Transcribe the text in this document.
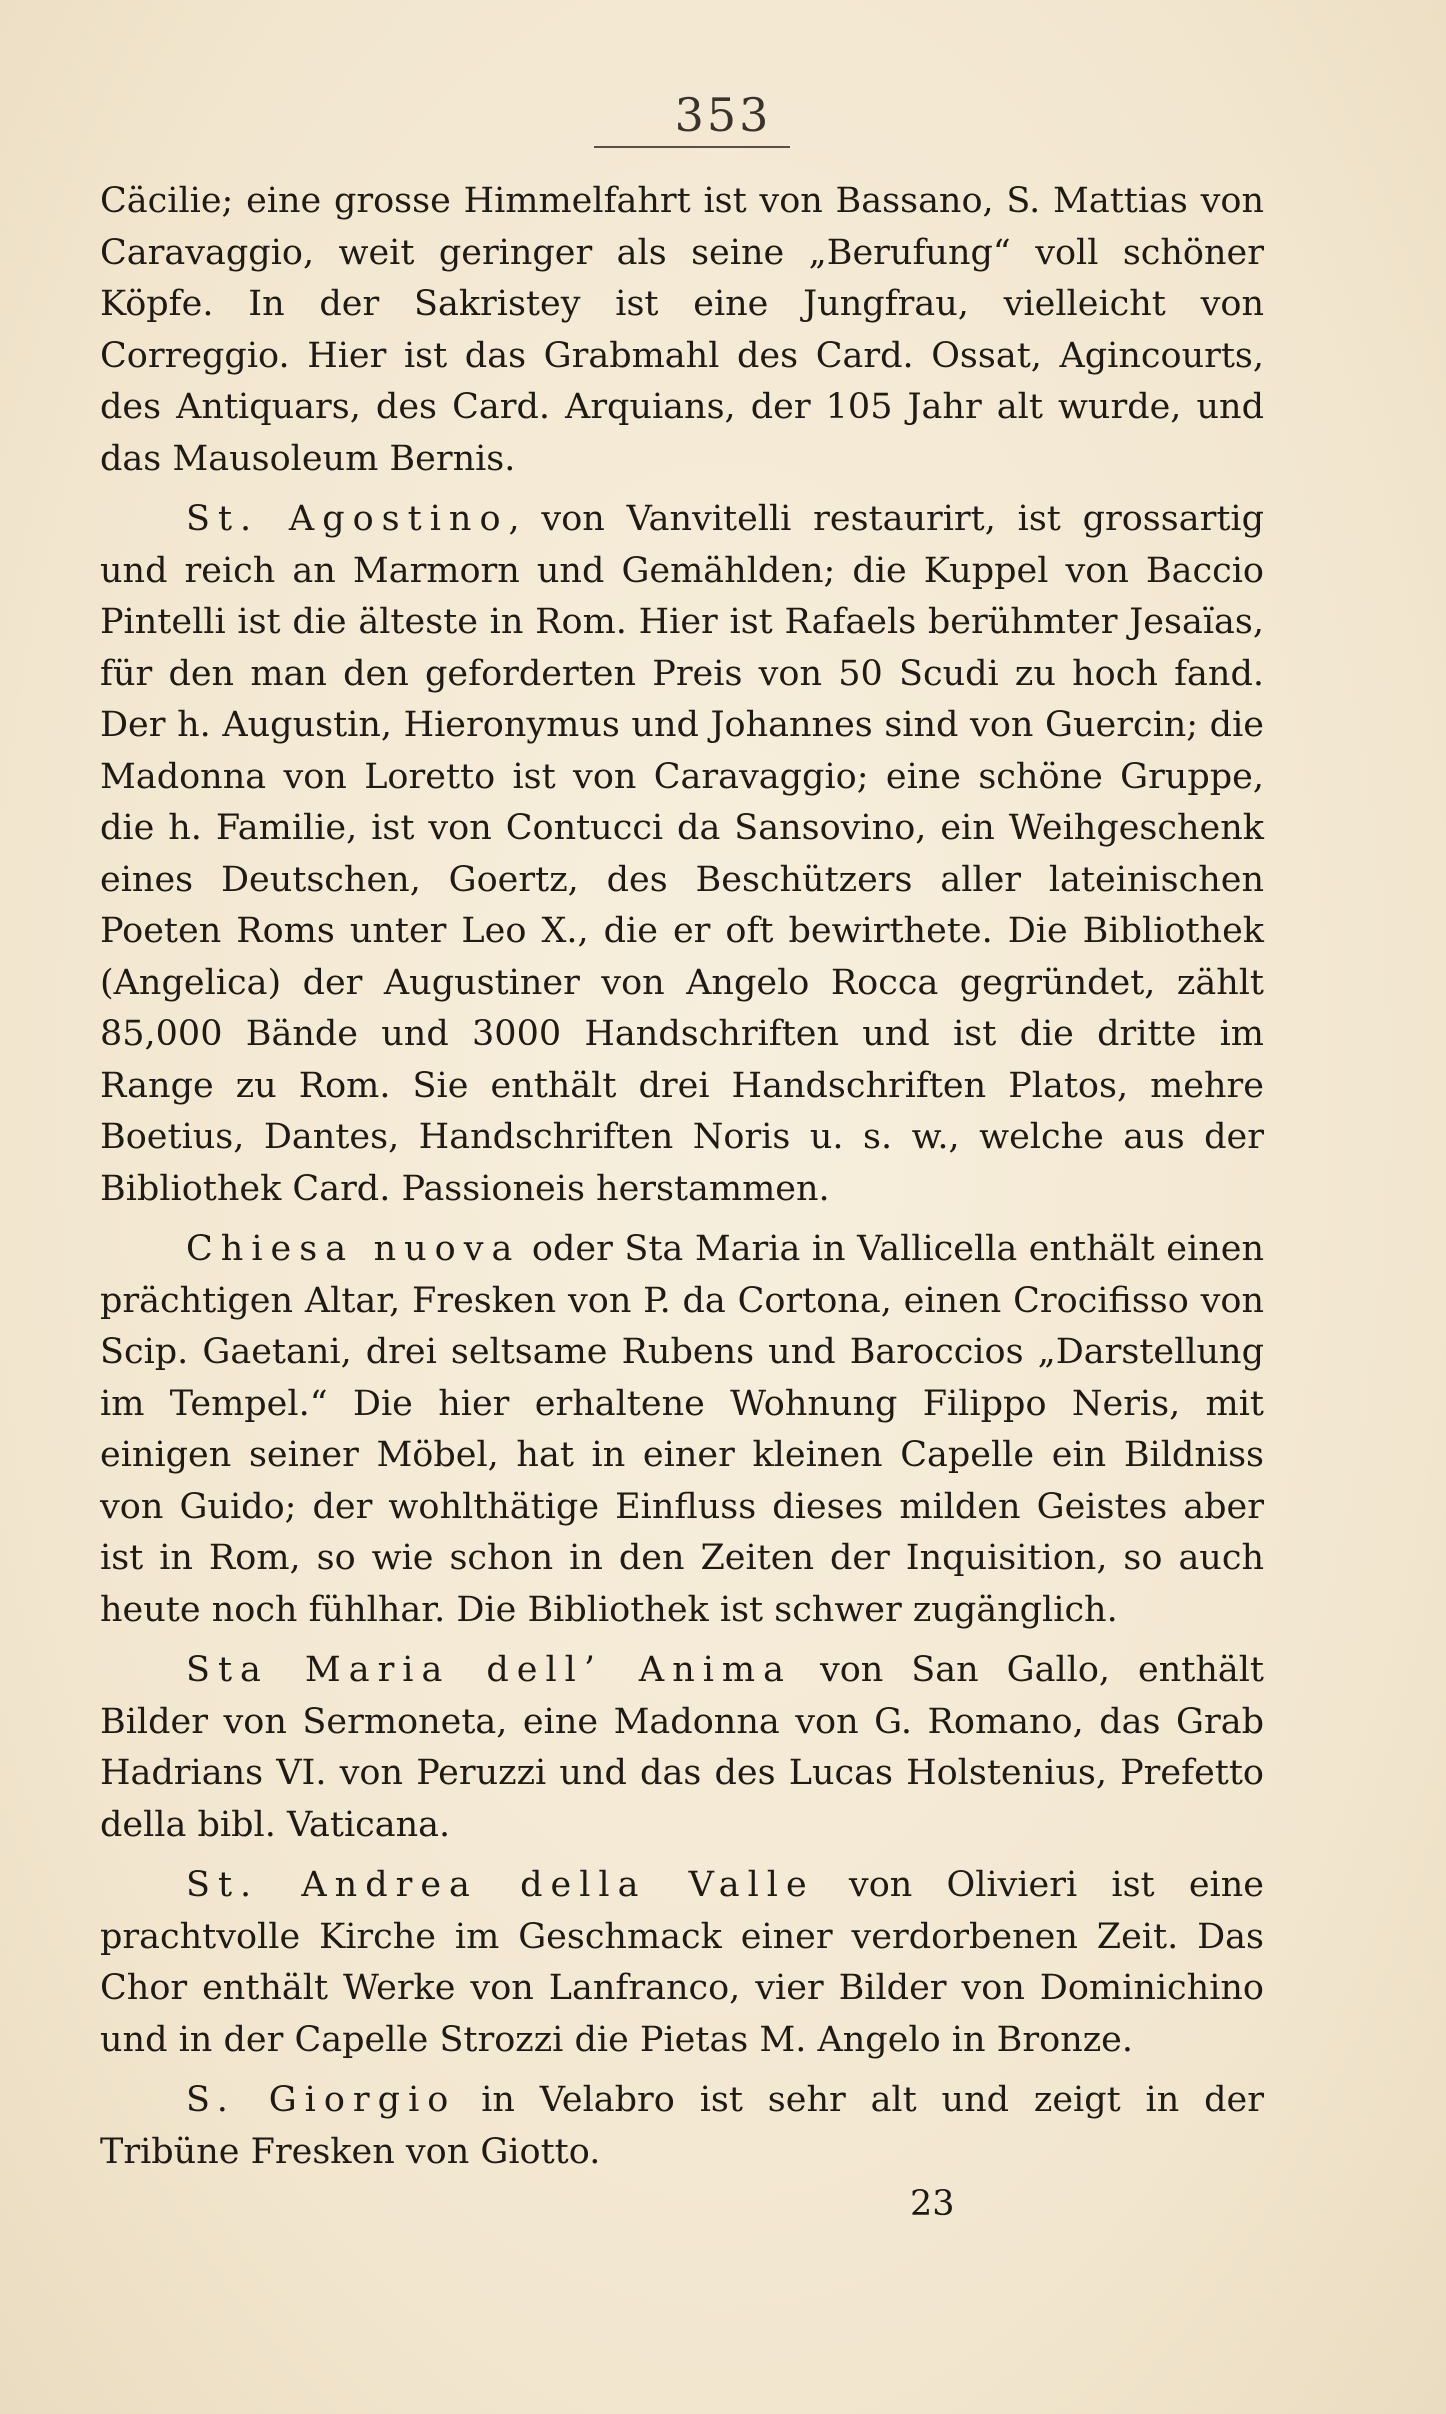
353

Cäcilie; eine grosse Himmelfahrt ist von Bassano, S. Mattias von Caravaggio, weit geringer als seine „Berufung“ voll schöner Köpfe. In der Sakristey ist eine Jungfrau, vielleicht von Correggio. Hier ist das Grabmahl des Card. Ossat, Agincourts, des Antiquars, des Card. Arquians, der 105 Jahr alt wurde, und das Mausoleum Bernis.

St. Agostino, von Vanvitelli restaurirt, ist grossartig und reich an Marmorn und Gemählden; die Kuppel von Baccio Pintelli ist die älteste in Rom. Hier ist Rafaels berühmter Jesaïas, für den man den geforderten Preis von 50 Scudi zu hoch fand. Der h. Augustin, Hieronymus und Johannes sind von Guercin; die Madonna von Loretto ist von Caravaggio; eine schöne Gruppe, die h. Familie, ist von Contucci da Sansovino, ein Weihgeschenk eines Deutschen, Goertz, des Beschützers aller lateinischen Poeten Roms unter Leo X., die er oft bewirthete. Die Bibliothek (Angelica) der Augustiner von Angelo Rocca gegründet, zählt 85,000 Bände und 3000 Handschriften und ist die dritte im Range zu Rom. Sie enthält drei Handschriften Platos, mehre Boetius, Dantes, Handschriften Noris u. s. w., welche aus der Bibliothek Card. Passioneis herstammen.

Chiesa nuova oder Sta Maria in Vallicella enthält einen prächtigen Altar, Fresken von P. da Cortona, einen Crocifisso von Scip. Gaetani, drei seltsame Rubens und Baroccios „Darstellung im Tempel.“ Die hier erhaltene Wohnung Filippo Neris, mit einigen seiner Möbel, hat in einer kleinen Capelle ein Bildniss von Guido; der wohlthätige Einfluss dieses milden Geistes aber ist in Rom, so wie schon in den Zeiten der Inquisition, so auch heute noch fühlhar. Die Bibliothek ist schwer zugänglich.

Sta Maria dell’ Anima von San Gallo, enthält Bilder von Sermoneta, eine Madonna von G. Romano, das Grab Hadrians VI. von Peruzzi und das des Lucas Holstenius, Prefetto della bibl. Vaticana.

St. Andrea della Valle von Olivieri ist eine prachtvolle Kirche im Geschmack einer verdorbenen Zeit. Das Chor enthält Werke von Lanfranco, vier Bilder von Dominichino und in der Capelle Strozzi die Pietas M. Angelo in Bronze.

S. Giorgio in Velabro ist sehr alt und zeigt in der Tribüne Fresken von Giotto.

23
